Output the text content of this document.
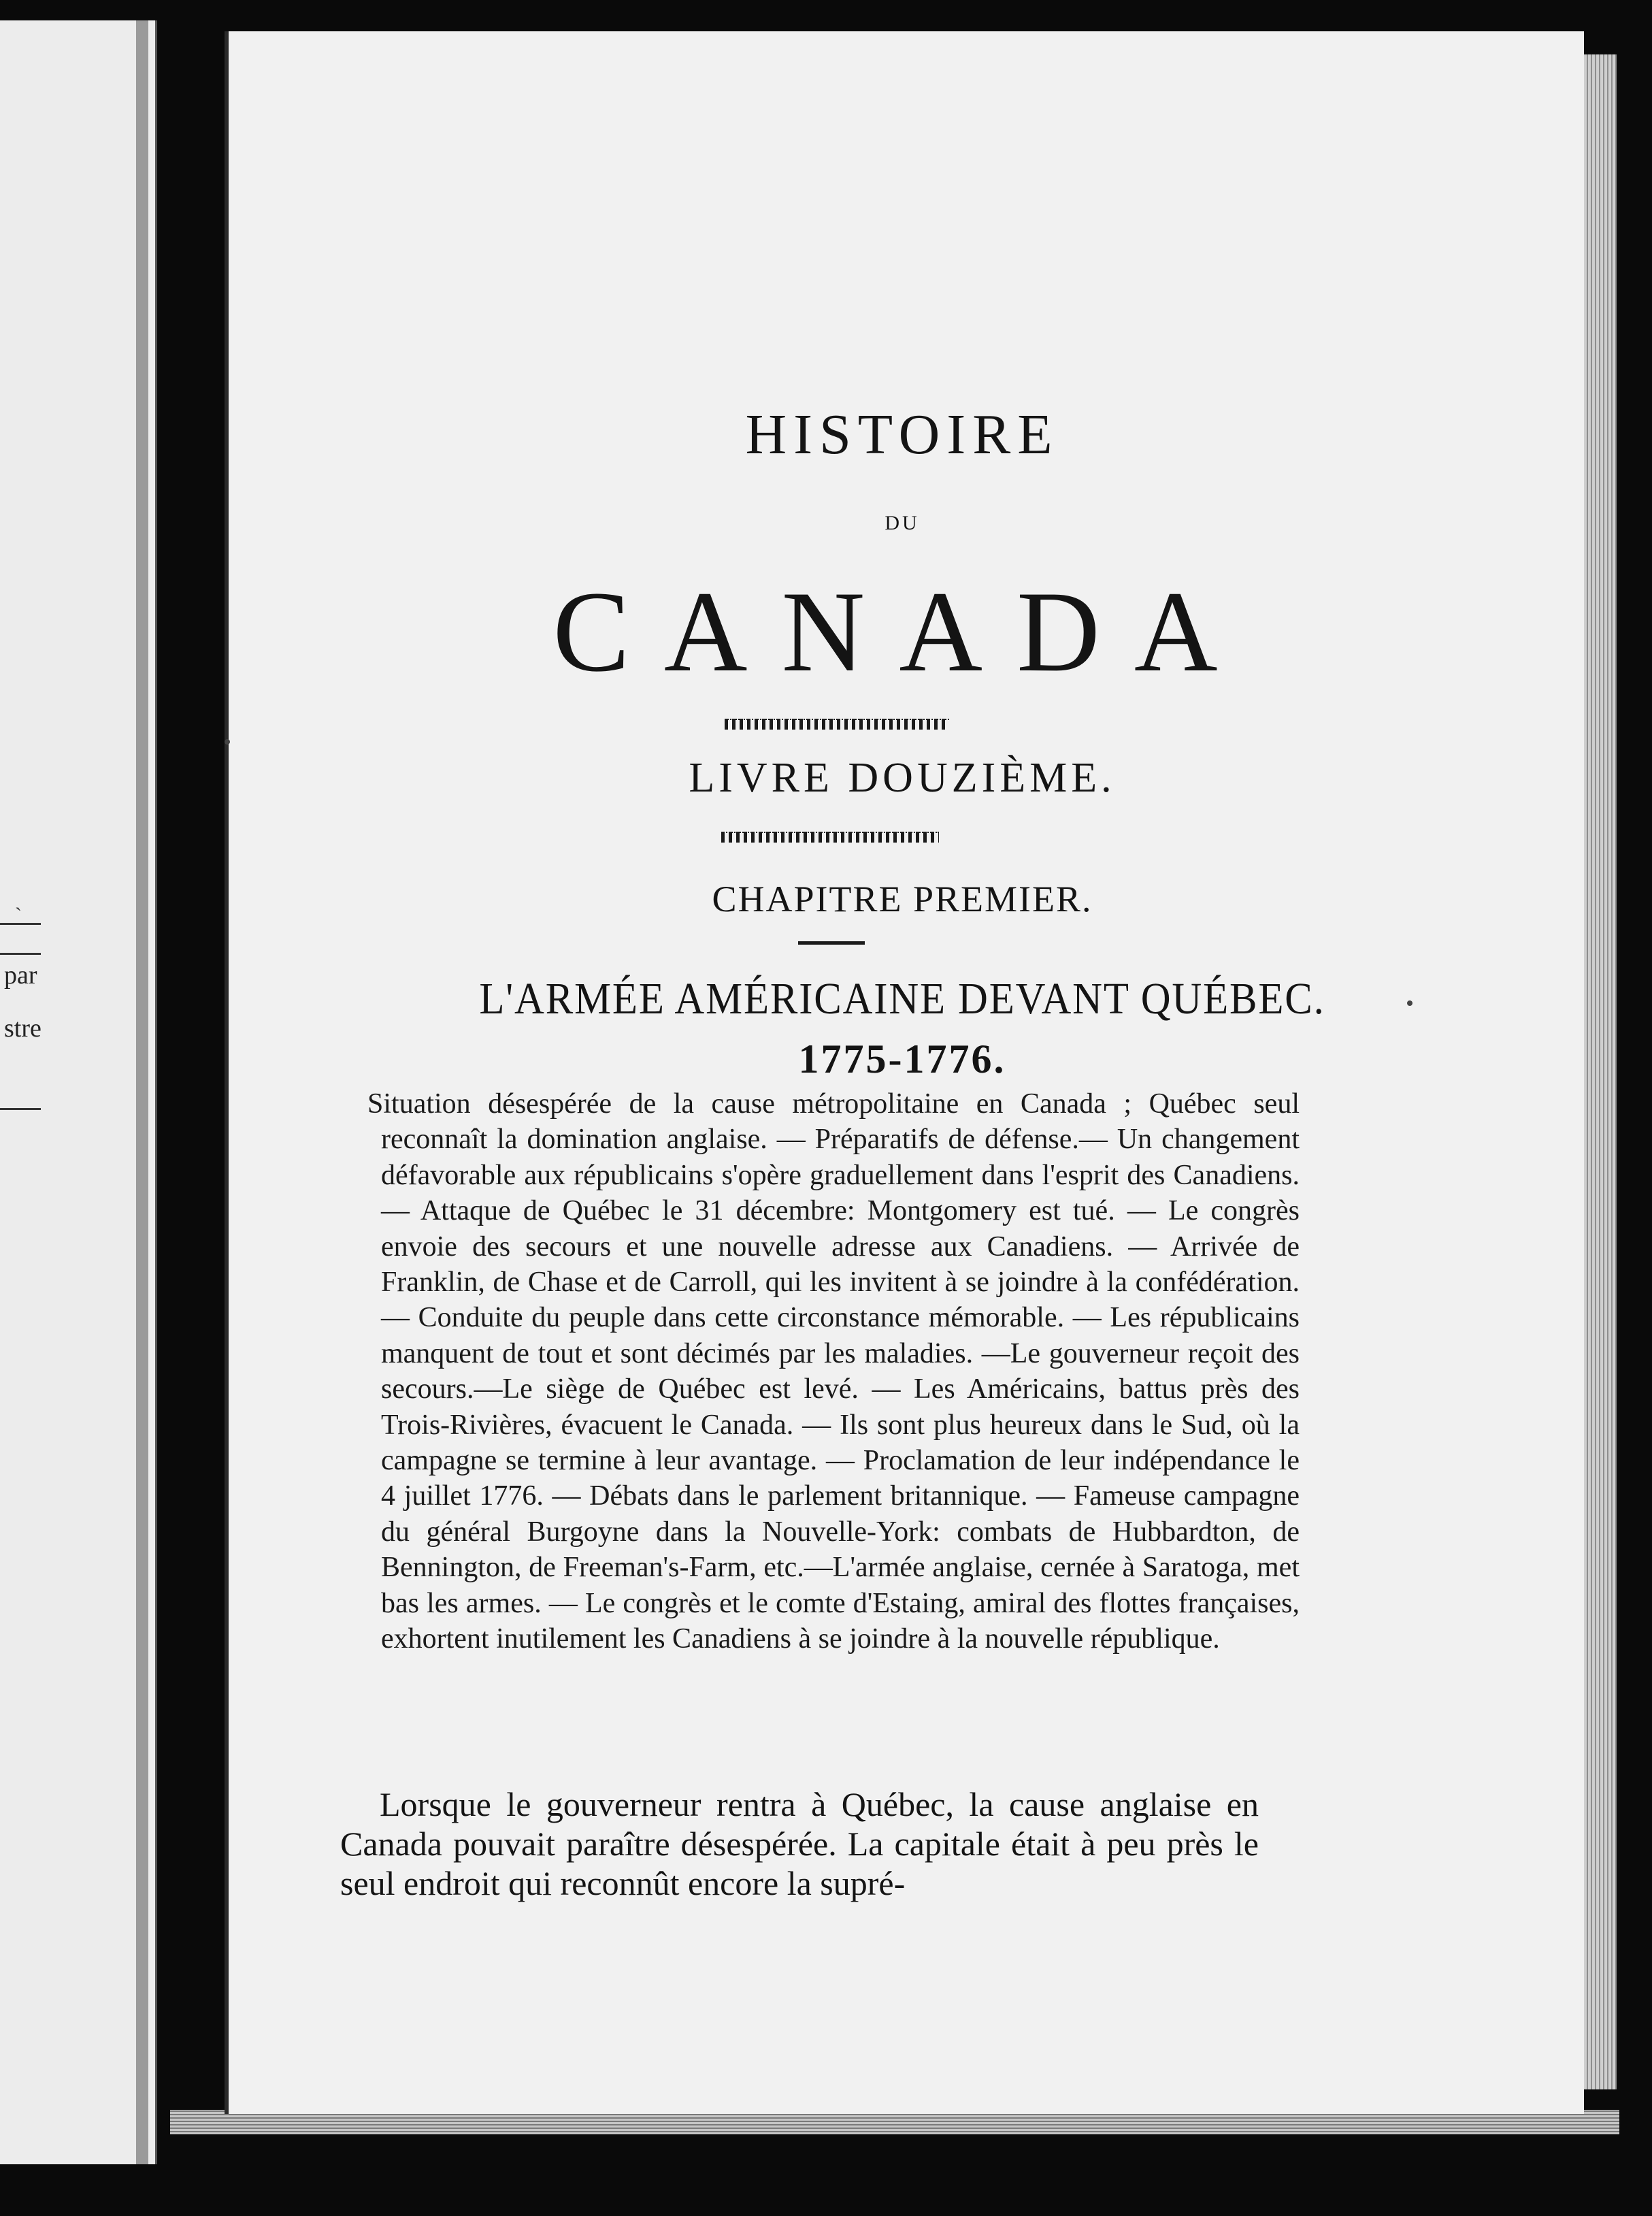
`
par
stre
HISTOIRE
DU
CANADA
LIVRE DOUZIÈME.
CHAPITRE PREMIER.
L'ARMÉE AMÉRICAINE DEVANT QUÉBEC.
1775-1776.

Situation désespérée de la cause métropolitaine en Canada ; Québec seul reconnaît la domination anglaise. — Préparatifs de défense.— Un changement défavorable aux républicains s'opère graduellement dans l'esprit des Canadiens. — Attaque de Québec le 31 décembre: Montgomery est tué. — Le congrès envoie des secours et une nouvelle adresse aux Canadiens. — Arrivée de Franklin, de Chase et de Carroll, qui les invitent à se joindre à la confédération. — Conduite du peuple dans cette circonstance mémorable. — Les républicains manquent de tout et sont décimés par les maladies. —Le gouverneur reçoit des secours.—Le siège de Québec est levé. — Les Américains, battus près des Trois-Rivières, évacuent le Canada. — Ils sont plus heureux dans le Sud, où la campagne se termine à leur avantage. — Proclamation de leur indépendance le 4 juillet 1776. — Débats dans le parlement britannique. — Fameuse campagne du général Burgoyne dans la Nouvelle-York: combats de Hubbardton, de Bennington, de Freeman's-Farm, etc.—L'armée anglaise, cernée à Saratoga, met bas les armes. — Le congrès et le comte d'Estaing, amiral des flottes françaises, exhortent inutilement les Canadiens à se joindre à la nouvelle république.

Lorsque le gouverneur rentra à Québec, la cause anglaise en Canada pouvait paraître désespérée. La capitale était à peu près le seul endroit qui reconnût encore la supré-
